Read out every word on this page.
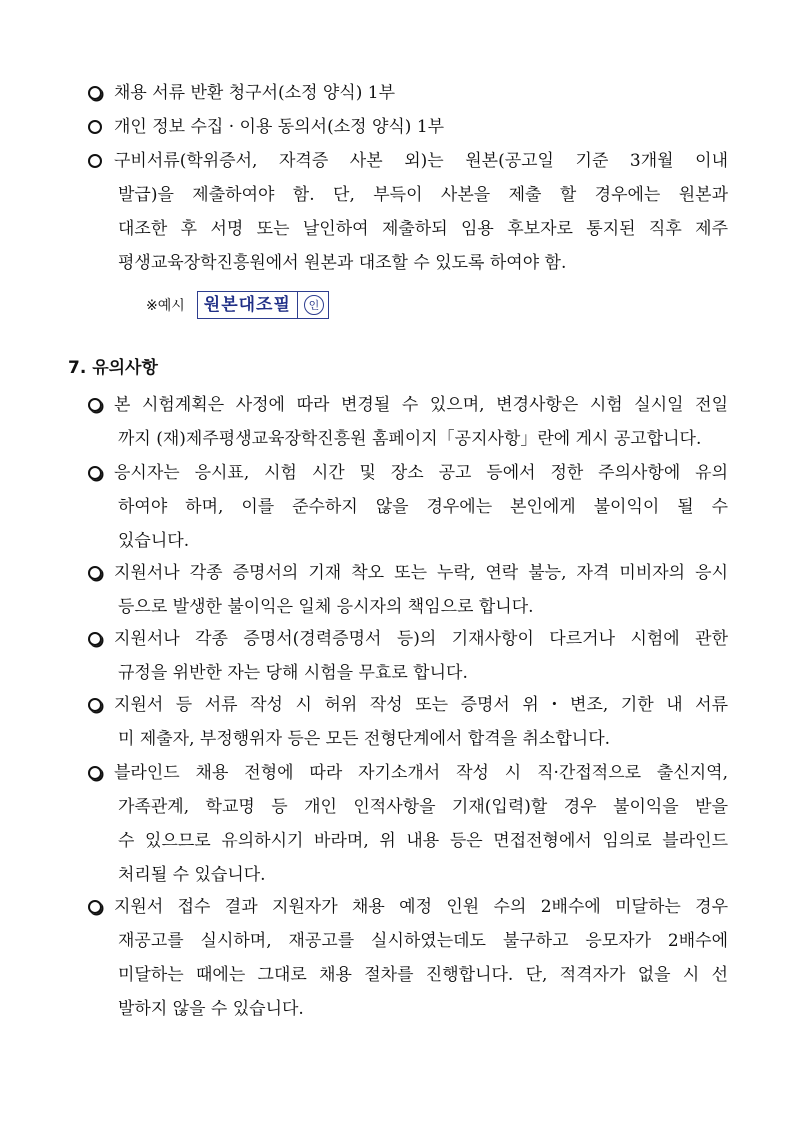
채용 서류 반환 청구서(소정 양식) 1부
개인 정보 수집 · 이용 동의서(소정 양식) 1부
구비서류(학위증서, 자격증 사본 외)는 원본(공고일 기준 3개월 이내
발급)을 제출하여야 함. 단, 부득이 사본을 제출 할 경우에는 원본과
대조한 후 서명 또는 날인하여 제출하되 임용 후보자로 통지된 직후 제주
평생교육장학진흥원에서 원본과 대조할 수 있도록 하여야 함.
※예시 원본대조필	인
7. 유의사항
본 시험계획은 사정에 따라 변경될 수 있으며, 변경사항은 시험 실시일 전일
까지 (재)제주평생교육장학진흥원 홈페이지「공지사항」란에 게시 공고합니다.
응시자는 응시표, 시험 시간 및 장소 공고 등에서 정한 주의사항에 유의
하여야 하며, 이를 준수하지 않을 경우에는 본인에게 불이익이 될 수
있습니다.
지원서나 각종 증명서의 기재 착오 또는 누락, 연락 불능, 자격 미비자의 응시
등으로 발생한 불이익은 일체 응시자의 책임으로 합니다.
지원서나 각종 증명서(경력증명서 등)의 기재사항이 다르거나 시험에 관한
규정을 위반한 자는 당해 시험을 무효로 합니다.
지원서 등 서류 작성 시 허위 작성 또는 증명서 위・변조, 기한 내 서류
미 제출자, 부정행위자 등은 모든 전형단계에서 합격을 취소합니다.
블라인드 채용 전형에 따라 자기소개서 작성 시 직·간접적으로 출신지역,
가족관계, 학교명 등 개인 인적사항을 기재(입력)할 경우 불이익을 받을
수 있으므로 유의하시기 바라며, 위 내용 등은 면접전형에서 임의로 블라인드
처리될 수 있습니다.
지원서 접수 결과 지원자가 채용 예정 인원 수의 2배수에 미달하는 경우
재공고를 실시하며, 재공고를 실시하였는데도 불구하고 응모자가 2배수에
미달하는 때에는 그대로 채용 절차를 진행합니다. 단, 적격자가 없을 시 선
발하지 않을 수 있습니다.
